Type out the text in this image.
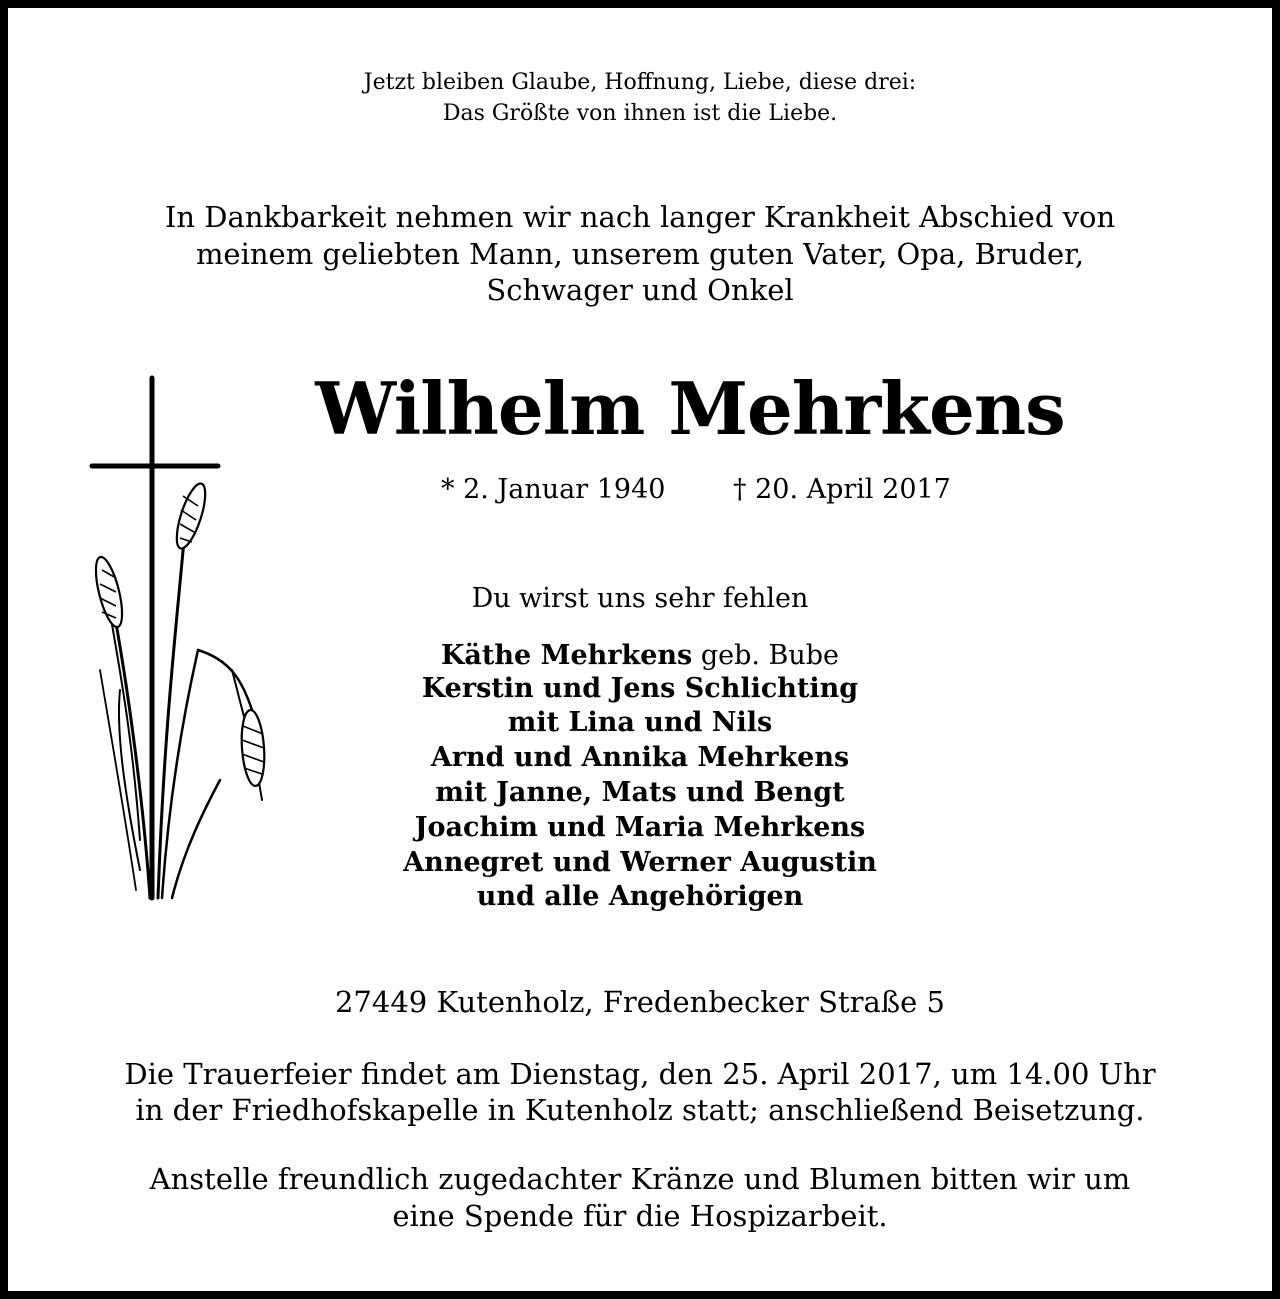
Jetzt bleiben Glaube, Hoffnung, Liebe, diese drei:
Das Größte von ihnen ist die Liebe.
In Dankbarkeit nehmen wir nach langer Krankheit Abschied von
meinem geliebten Mann, unserem guten Vater, Opa, Bruder,
Schwager und Onkel
Wilhelm Mehrkens
* 2. Januar 1940	† 20. April 2017
Du wirst uns sehr fehlen
Käthe Mehrkens geb. Bube
Kerstin und Jens Schlichting
mit Lina und Nils
Arnd und Annika Mehrkens
mit Janne, Mats und Bengt
Joachim und Maria Mehrkens
Annegret und Werner Augustin
und alle Angehörigen
27449 Kutenholz, Fredenbecker Straße 5
Die Trauerfeier findet am Dienstag, den 25. April 2017, um 14.00 Uhr
in der Friedhofskapelle in Kutenholz statt; anschließend Beisetzung.
Anstelle freundlich zugedachter Kränze und Blumen bitten wir um
eine Spende für die Hospizarbeit.
